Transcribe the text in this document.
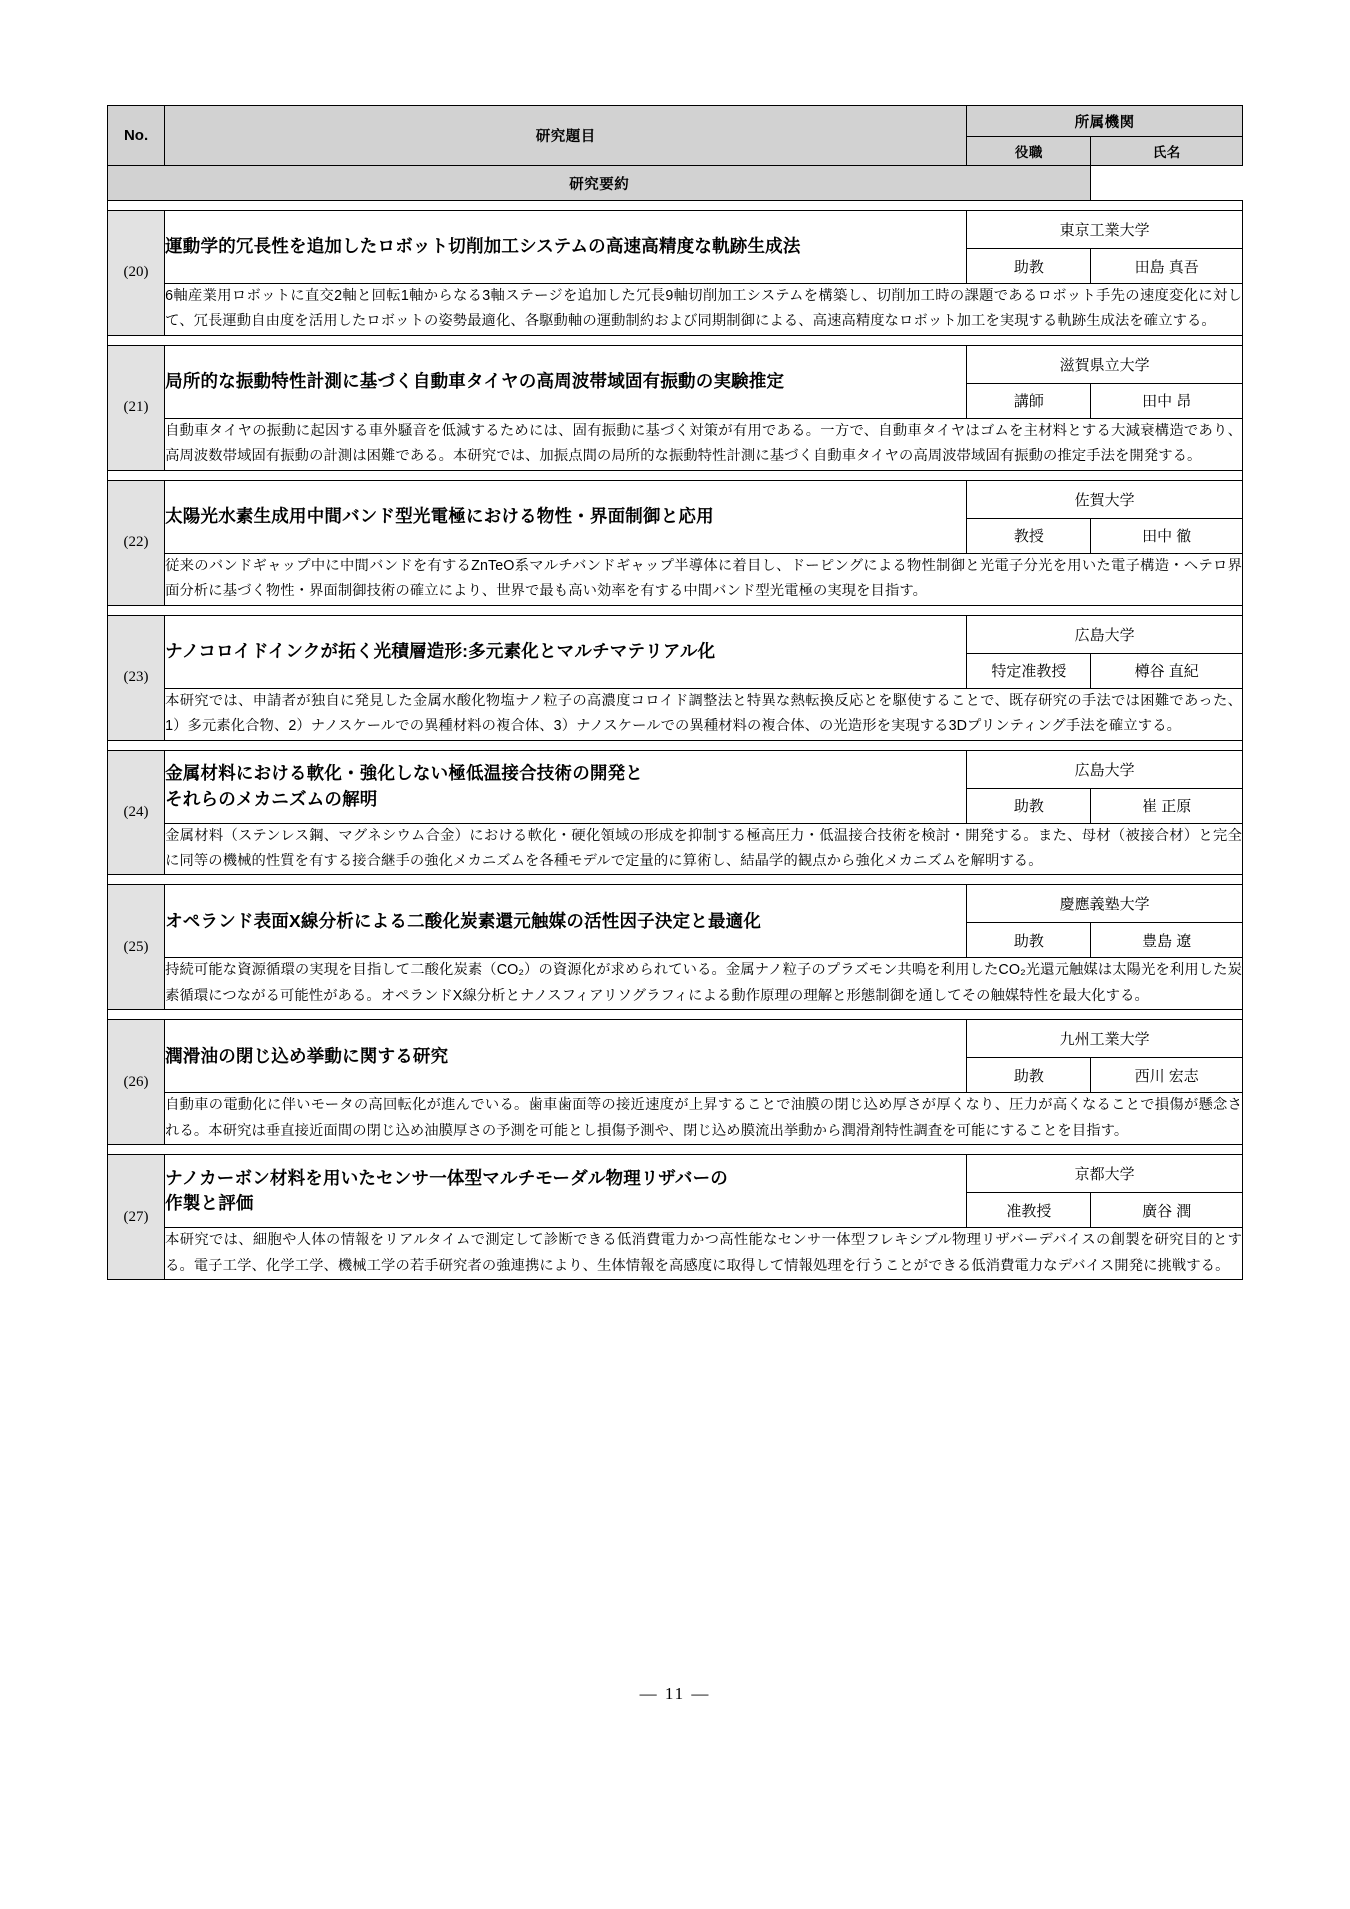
No.	研究題目	所属機関	
		役職	氏名
研究要約			

(20)	運動学的冗長性を追加したロボット切削加工システムの高速高精度な軌跡生成法	東京工業大学	
		助教	田島 真吾
	6軸産業用ロボットに直交2軸と回転1軸からなる3軸ステージを追加した冗長9軸切削加工システムを構築し、切削加工時の課題であるロボット手先の速度変化に対して、冗長運動自由度を活用したロボットの姿勢最適化、各駆動軸の運動制約および同期制御による、高速高精度なロボット加工を実現する軌跡生成法を確立する。		

(21)	局所的な振動特性計測に基づく自動車タイヤの高周波帯域固有振動の実験推定	滋賀県立大学	
		講師	田中 昂
	自動車タイヤの振動に起因する車外騒音を低減するためには、固有振動に基づく対策が有用である。一方で、自動車タイヤはゴムを主材料とする大減衰構造であり、高周波数帯域固有振動の計測は困難である。本研究では、加振点間の局所的な振動特性計測に基づく自動車タイヤの高周波帯域固有振動の推定手法を開発する。		

(22)	太陽光水素生成用中間バンド型光電極における物性・界面制御と応用	佐賀大学	
		教授	田中 徹
	従来のバンドギャップ中に中間バンドを有するZnTeO系マルチバンドギャップ半導体に着目し、ドーピングによる物性制御と光電子分光を用いた電子構造・ヘテロ界面分析に基づく物性・界面制御技術の確立により、世界で最も高い効率を有する中間バンド型光電極の実現を目指す。		

(23)	ナノコロイドインクが拓く光積層造形:多元素化とマルチマテリアル化	広島大学	
		特定准教授	樽谷 直紀
	本研究では、申請者が独自に発見した金属水酸化物塩ナノ粒子の高濃度コロイド調整法と特異な熱転換反応とを駆使することで、既存研究の手法では困難であった、1）多元素化合物、2）ナノスケールでの異種材料の複合体、3）ナノスケールでの異種材料の複合体、の光造形を実現する3Dプリンティング手法を確立する。		

(24)	金属材料における軟化・強化しない極低温接合技術の開発と
それらのメカニズムの解明	広島大学	
		助教	崔 正原
	金属材料（ステンレス鋼、マグネシウム合金）における軟化・硬化領域の形成を抑制する極高圧力・低温接合技術を検討・開発する。また、母材（被接合材）と完全に同等の機械的性質を有する接合継手の強化メカニズムを各種モデルで定量的に算術し、結晶学的観点から強化メカニズムを解明する。		

(25)	オペランド表面X線分析による二酸化炭素還元触媒の活性因子決定と最適化	慶應義塾大学	
		助教	豊島 遼
	持続可能な資源循環の実現を目指して二酸化炭素（CO₂）の資源化が求められている。金属ナノ粒子のプラズモン共鳴を利用したCO₂光還元触媒は太陽光を利用した炭素循環につながる可能性がある。オペランドX線分析とナノスフィアリソグラフィによる動作原理の理解と形態制御を通してその触媒特性を最大化する。		

(26)	潤滑油の閉じ込め挙動に関する研究	九州工業大学	
		助教	西川 宏志
	自動車の電動化に伴いモータの高回転化が進んでいる。歯車歯面等の接近速度が上昇することで油膜の閉じ込め厚さが厚くなり、圧力が高くなることで損傷が懸念される。本研究は垂直接近面間の閉じ込め油膜厚さの予測を可能とし損傷予測や、閉じ込め膜流出挙動から潤滑剤特性調査を可能にすることを目指す。		

(27)	ナノカーボン材料を用いたセンサ一体型マルチモーダル物理リザバーの
作製と評価	京都大学	
		准教授	廣谷 潤
	本研究では、細胞や人体の情報をリアルタイムで測定して診断できる低消費電力かつ高性能なセンサ一体型フレキシブル物理リザバーデバイスの創製を研究目的とする。電子工学、化学工学、機械工学の若手研究者の強連携により、生体情報を高感度に取得して情報処理を行うことができる低消費電力なデバイス開発に挑戦する。		
― 11 ―
